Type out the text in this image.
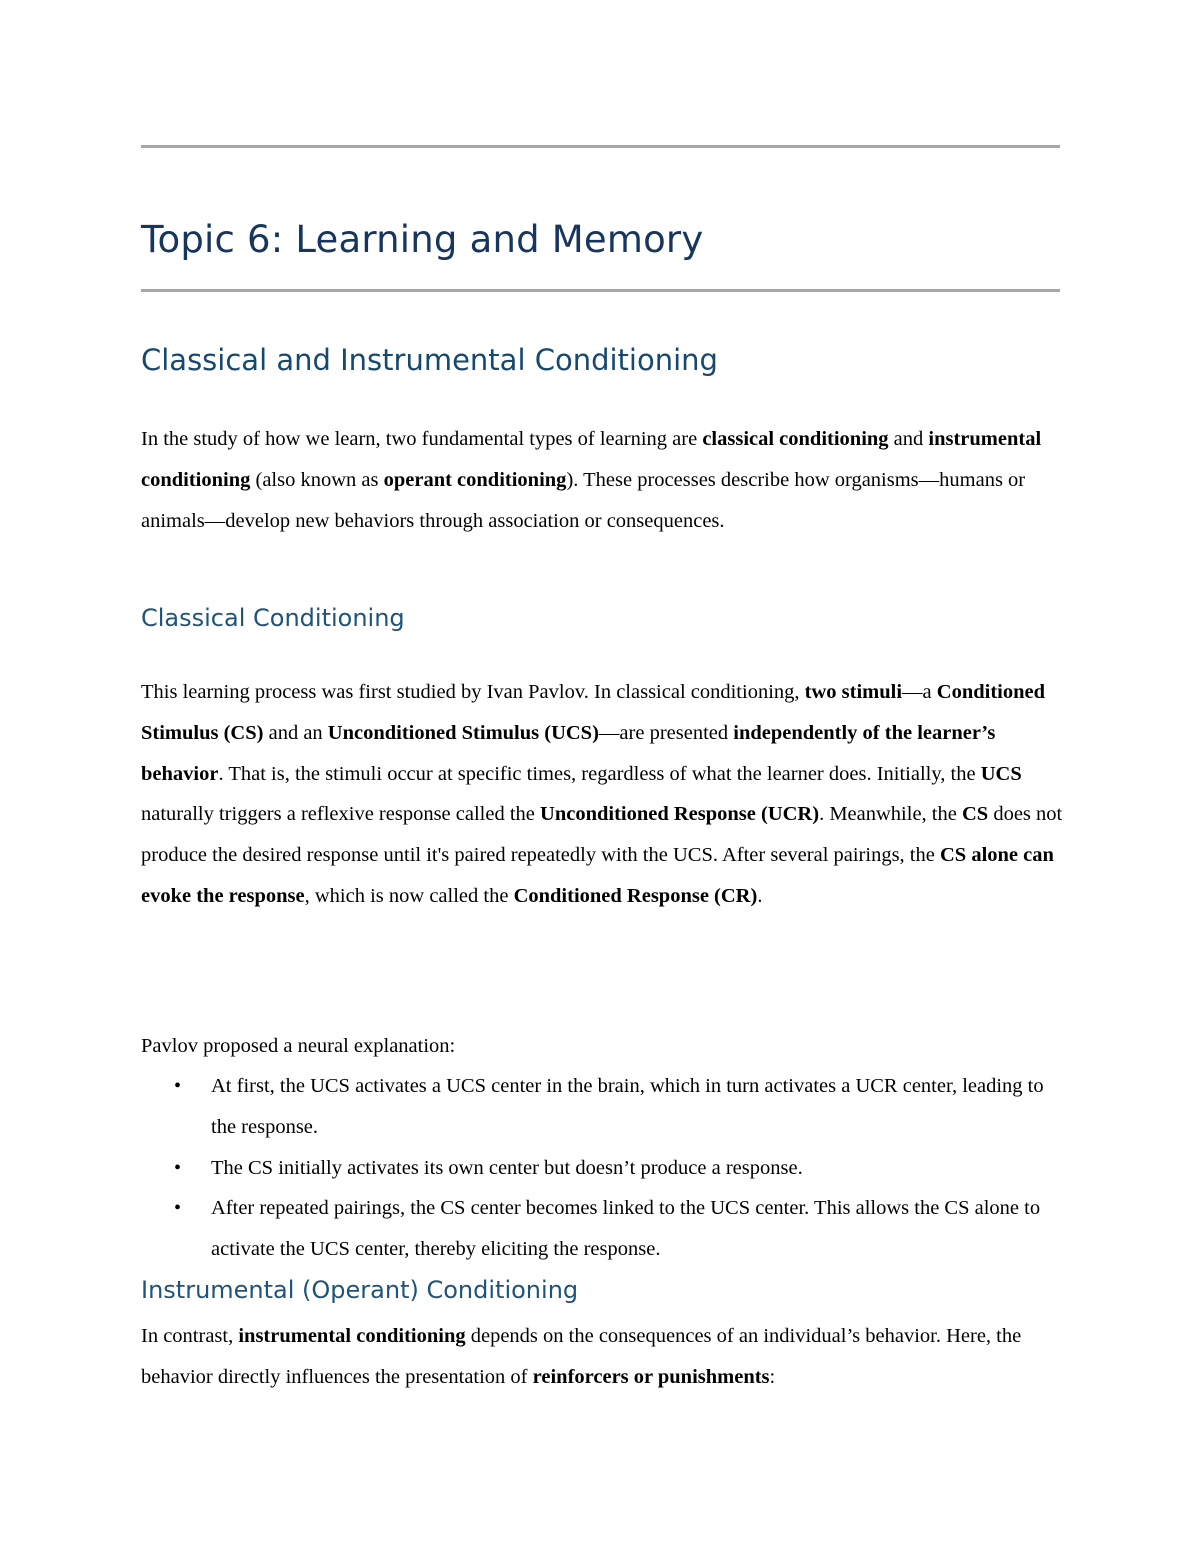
Topic 6: Learning and Memory
Classical and Instrumental Conditioning

In the study of how we learn, two fundamental types of learning are classical conditioning and instrumental conditioning (also known as operant conditioning). These processes describe how organisms—humans or animals—develop new behaviors through association or consequences.

Classical Conditioning

This learning process was first studied by Ivan Pavlov. In classical conditioning, two stimuli—a Conditioned Stimulus (CS) and an Unconditioned Stimulus (UCS)—are presented independently of the learner’s behavior. That is, the stimuli occur at specific times, regardless of what the learner does. Initially, the UCS naturally triggers a reflexive response called the Unconditioned Response (UCR). Meanwhile, the CS does not produce the desired response until it's paired repeatedly with the UCS. After several pairings, the CS alone can evoke the response, which is now called the Conditioned Response (CR).

Pavlov proposed a neural explanation:

• At first, the UCS activates a UCS center in the brain, which in turn activates a UCR center, leading to the response.
• The CS initially activates its own center but doesn’t produce a response.
• After repeated pairings, the CS center becomes linked to the UCS center. This allows the CS alone to activate the UCS center, thereby eliciting the response.
Instrumental (Operant) Conditioning

In contrast, instrumental conditioning depends on the consequences of an individual’s behavior. Here, the behavior directly influences the presentation of reinforcers or punishments:
